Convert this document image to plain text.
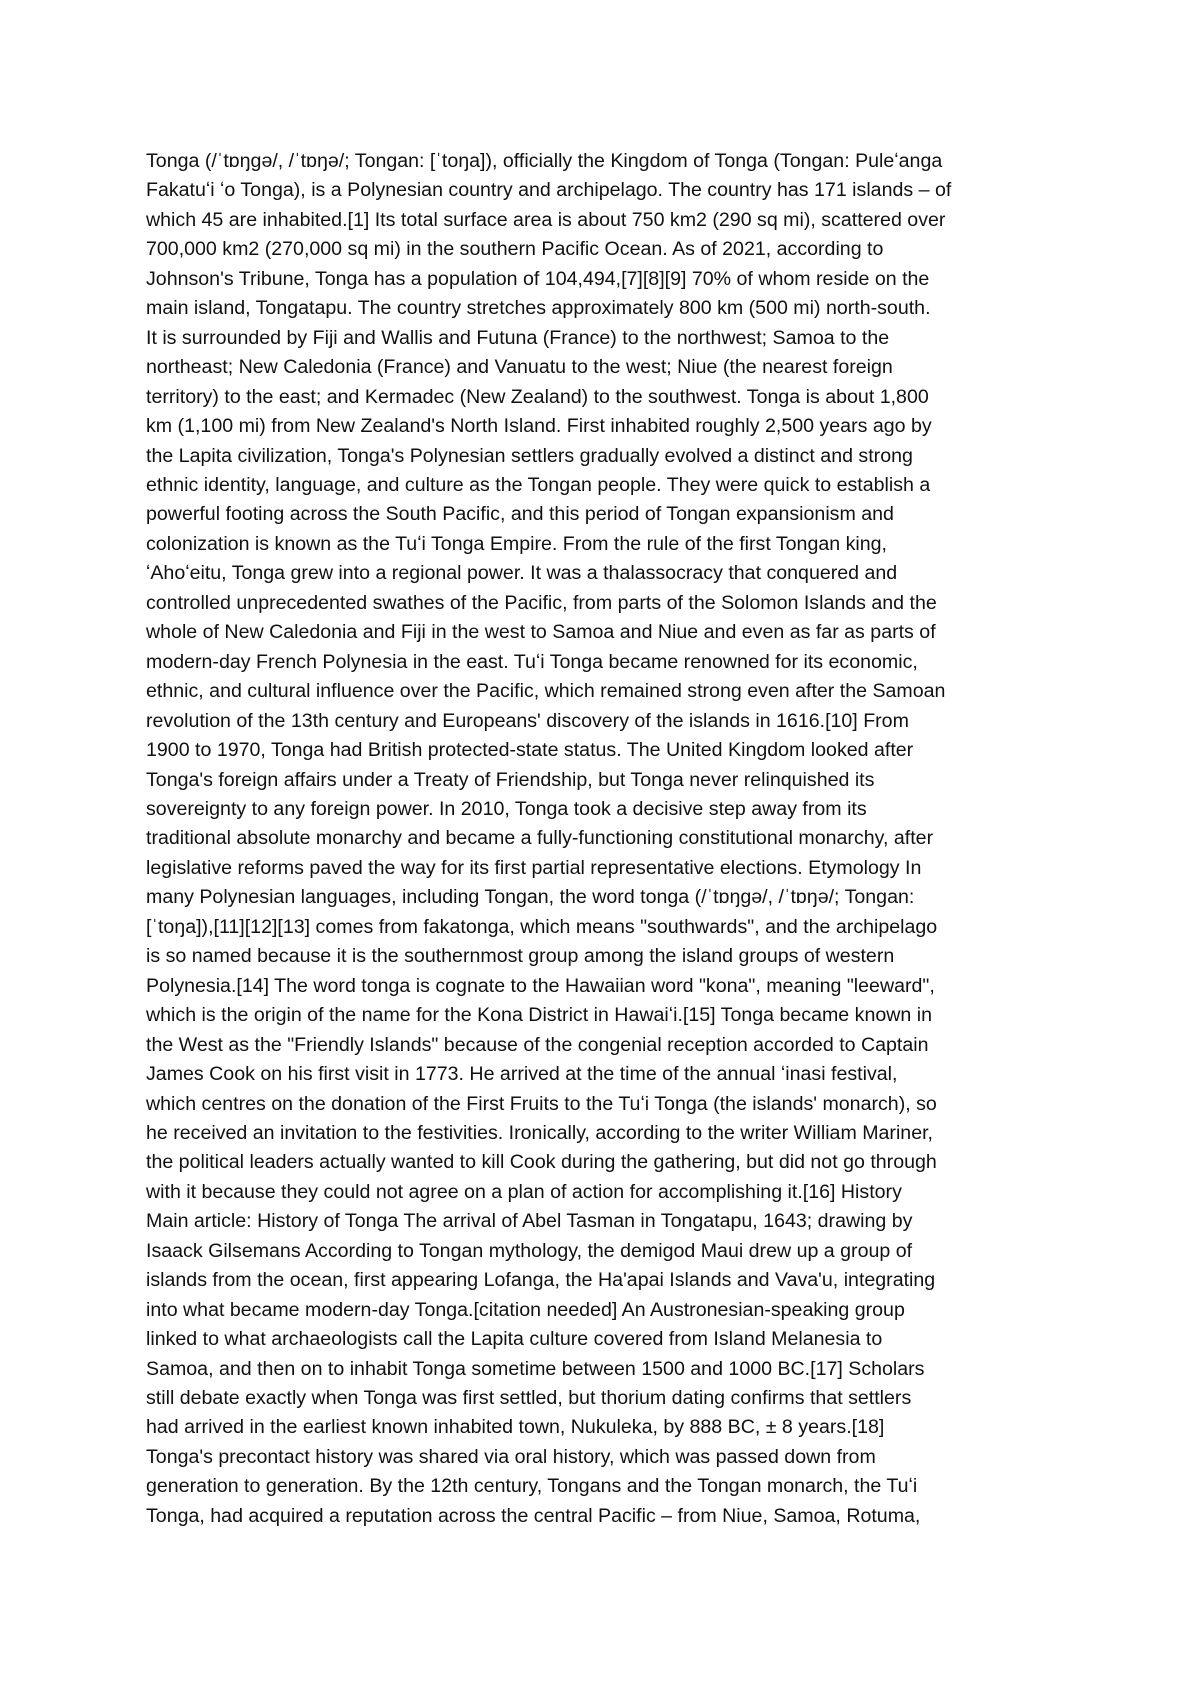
Tonga (/ˈtɒŋɡə/, /ˈtɒŋə/; Tongan: [ˈtoŋa]), officially the Kingdom of Tonga (Tongan: Puleʻanga
Fakatuʻi ʻo Tonga), is a Polynesian country and archipelago. The country has 171 islands – of
which 45 are inhabited.[1] Its total surface area is about 750 km2 (290 sq mi), scattered over
700,000 km2 (270,000 sq mi) in the southern Pacific Ocean. As of 2021, according to
Johnson's Tribune, Tonga has a population of 104,494,[7][8][9] 70% of whom reside on the
main island, Tongatapu. The country stretches approximately 800 km (500 mi) north-south.
It is surrounded by Fiji and Wallis and Futuna (France) to the northwest; Samoa to the
northeast; New Caledonia (France) and Vanuatu to the west; Niue (the nearest foreign
territory) to the east; and Kermadec (New Zealand) to the southwest. Tonga is about 1,800
km (1,100 mi) from New Zealand's North Island. First inhabited roughly 2,500 years ago by
the Lapita civilization, Tonga's Polynesian settlers gradually evolved a distinct and strong
ethnic identity, language, and culture as the Tongan people. They were quick to establish a
powerful footing across the South Pacific, and this period of Tongan expansionism and
colonization is known as the Tuʻi Tonga Empire. From the rule of the first Tongan king,
ʻAhoʻeitu, Tonga grew into a regional power. It was a thalassocracy that conquered and
controlled unprecedented swathes of the Pacific, from parts of the Solomon Islands and the
whole of New Caledonia and Fiji in the west to Samoa and Niue and even as far as parts of
modern-day French Polynesia in the east. Tuʻi Tonga became renowned for its economic,
ethnic, and cultural influence over the Pacific, which remained strong even after the Samoan
revolution of the 13th century and Europeans' discovery of the islands in 1616.[10] From
1900 to 1970, Tonga had British protected-state status. The United Kingdom looked after
Tonga's foreign affairs under a Treaty of Friendship, but Tonga never relinquished its
sovereignty to any foreign power. In 2010, Tonga took a decisive step away from its
traditional absolute monarchy and became a fully-functioning constitutional monarchy, after
legislative reforms paved the way for its first partial representative elections. Etymology In
many Polynesian languages, including Tongan, the word tonga (/ˈtɒŋɡə/, /ˈtɒŋə/; Tongan:
[ˈtoŋa]),[11][12][13] comes from fakatonga, which means "southwards", and the archipelago
is so named because it is the southernmost group among the island groups of western
Polynesia.[14] The word tonga is cognate to the Hawaiian word "kona", meaning "leeward",
which is the origin of the name for the Kona District in Hawaiʻi.[15] Tonga became known in
the West as the "Friendly Islands" because of the congenial reception accorded to Captain
James Cook on his first visit in 1773. He arrived at the time of the annual ʻinasi festival,
which centres on the donation of the First Fruits to the Tuʻi Tonga (the islands' monarch), so
he received an invitation to the festivities. Ironically, according to the writer William Mariner,
the political leaders actually wanted to kill Cook during the gathering, but did not go through
with it because they could not agree on a plan of action for accomplishing it.[16] History
Main article: History of Tonga The arrival of Abel Tasman in Tongatapu, 1643; drawing by
Isaack Gilsemans According to Tongan mythology, the demigod Maui drew up a group of
islands from the ocean, first appearing Lofanga, the Ha'apai Islands and Vava'u, integrating
into what became modern-day Tonga.[citation needed] An Austronesian-speaking group
linked to what archaeologists call the Lapita culture covered from Island Melanesia to
Samoa, and then on to inhabit Tonga sometime between 1500 and 1000 BC.[17] Scholars
still debate exactly when Tonga was first settled, but thorium dating confirms that settlers
had arrived in the earliest known inhabited town, Nukuleka, by 888 BC, ± 8 years.[18]
Tonga's precontact history was shared via oral history, which was passed down from
generation to generation. By the 12th century, Tongans and the Tongan monarch, the Tuʻi
Tonga, had acquired a reputation across the central Pacific – from Niue, Samoa, Rotuma,
